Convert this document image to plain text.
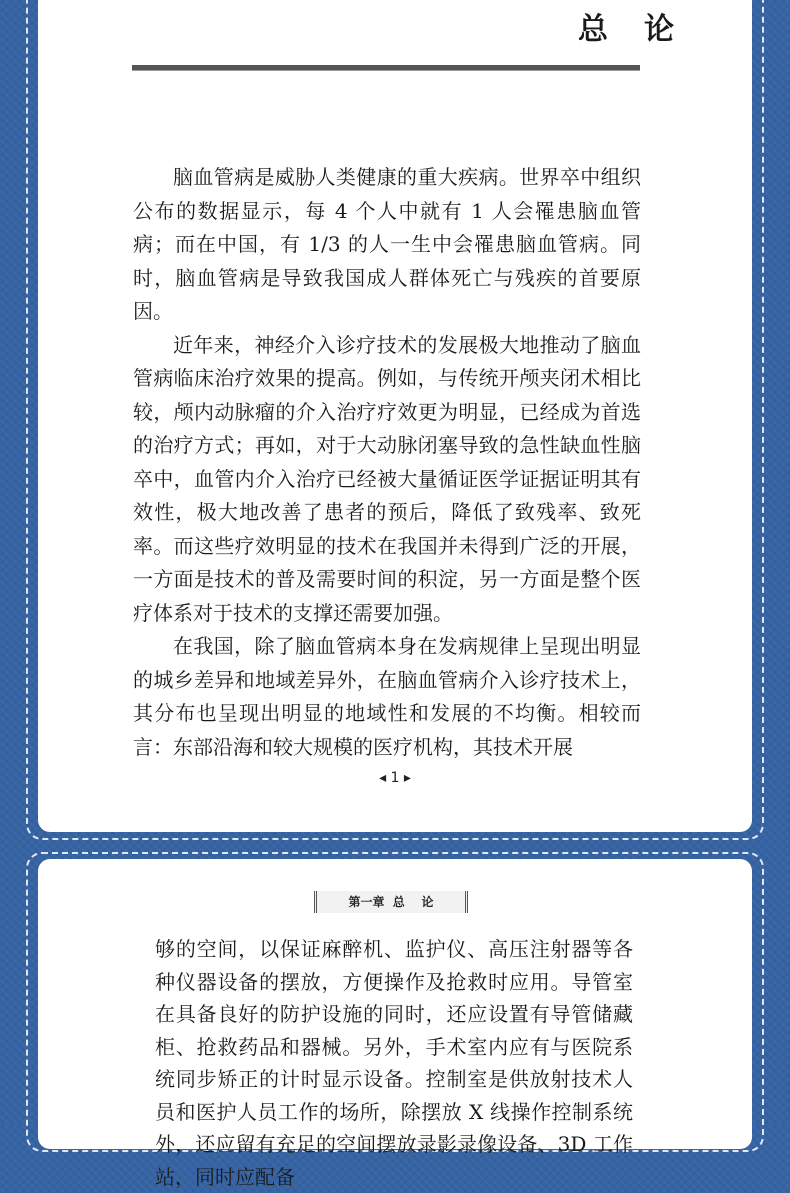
总论

脑血管病是威胁人类健康的重大疾病。世界卒中组织公布的数据显示，每 4 个人中就有 1 人会罹患脑血管病；而在中国，有 1/3 的人一生中会罹患脑血管病。同时，脑血管病是导致我国成人群体死亡与残疾的首要原因。

近年来，神经介入诊疗技术的发展极大地推动了脑血管病临床治疗效果的提高。例如，与传统开颅夹闭术相比较，颅内动脉瘤的介入治疗疗效更为明显，已经成为首选的治疗方式；再如，对于大动脉闭塞导致的急性缺血性脑卒中，血管内介入治疗已经被大量循证医学证据证明其有效性，极大地改善了患者的预后，降低了致残率、致死率。而这些疗效明显的技术在我国并未得到广泛的开展，一方面是技术的普及需要时间的积淀，另一方面是整个医疗体系对于技术的支撑还需要加强。

在我国，除了脑血管病本身在发病规律上呈现出明显的城乡差异和地域差异外，在脑血管病介入诊疗技术上，其分布也呈现出明显的地域性和发展的不均衡。相较而言：东部沿海和较大规模的医疗机构，其技术开展

◂ 1 ▸
第一章  总    论

够的空间，以保证麻醉机、监护仪、高压注射器等各种仪器设备的摆放，方便操作及抢救时应用。导管室在具备良好的防护设施的同时，还应设置有导管储藏柜、抢救药品和器械。另外，手术室内应有与医院系统同步矫正的计时显示设备。控制室是供放射技术人员和医护人员工作的场所，除摆放 X 线操作控制系统外，还应留有充足的空间摆放录影录像设备、3D 工作站，同时应配备
